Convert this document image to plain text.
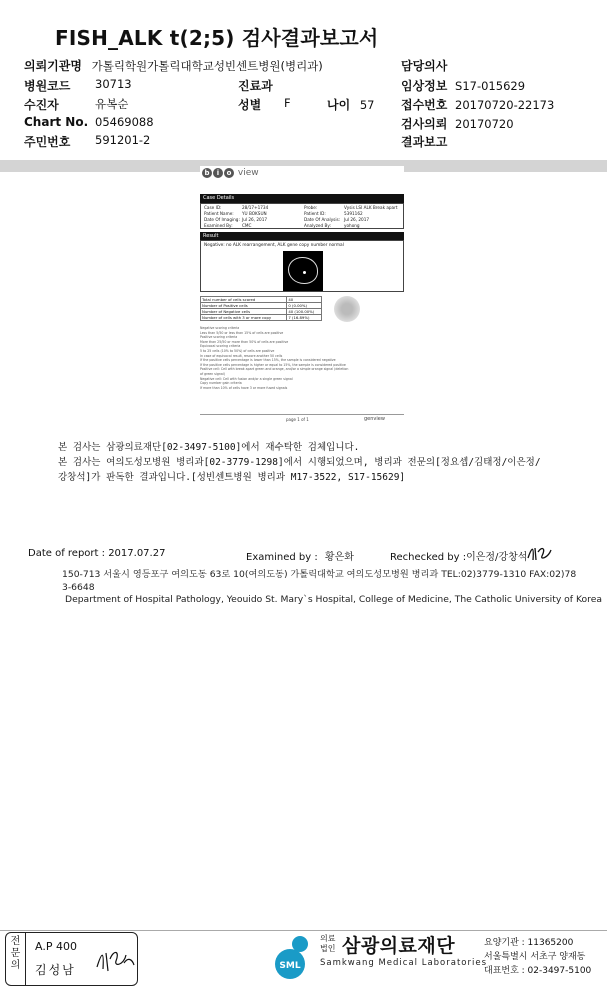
FISH_ALK t(2;5) 검사결과보고서
의뢰기관명 가톨릭학원가톨릭대학교성빈센트병원(병리과)	담당의사
병원코드 30713	진료과	임상정보 S17-015629
수진자	유복순	성별 F	나이 57 접수번호 20170720-22173
Chart No. 05469088	검사의뢰 20170720
주민번호 591201-2	결과보고
b i o view
Case Details
Case ID:	28/17+1734	Probe:	Vysis LSI ALK Break apart
Patient Name: YU BOKSUN	Patient ID:	5391162
Date Of Imaging: Jul 26, 2017	Date Of Analysis: Jul 26, 2017
Examined By: CMC	Analyzed By:	yohong
Result
Negative: no ALK rearrangement, ALK gene copy number normal
Total number of cells scored	40
Number of Positive cells	0 (0.00%)
Number of Negative cells	40 (100.00%)
Number of cells with 3 or more copy	7 (16.89%)
Negative scoring criteria
Less than 5/50 or less than 15% of cells are positive
Positive scoring criteria
More than 25/50 or more than 50% of cells are positive
Equivocal scoring criteria
5 to 25 cells (10% to 50%) of cells are positive
In case of equivocal result, rescore another 50 cells
If the positive cells percentage is lower than 15%, the sample is considered negative
If the positive cells percentage is higher or equal to 15%, the sample is considered positive
Positive cell: Cell with break apart green and orange, and/or a simple orange signal (deletion of green signal)
Negative cell: Cell with fusion and/or a single green signal
Copy number gain criteria
If more than 10% of cells have 3 or more fused signals
page 1 of 1	genview
본 검사는 삼광의료재단[02-3497-5100]에서 재수탁한 검체입니다.
본 검사는 여의도성모병원 병리과[02-3779-1298]에서 시행되었으며, 병리과 전문의[정요셉/김태정/이은정/
강창석]가 판독한 결과입니다.[성빈센트병원 병리과 M17-3522, S17-15629]
Date of report : 2017.07.27	Examined by : 황은화	Rechecked by :이은정/강창석
150-713 서울시 영등포구 여의도동 63로 10(여의도동) 가톨릭대학교 여의도성모병원 병리과 TEL:02)3779-1310 FAX:02)78
3-6648
Department of Hospital Pathology, Yeouido St. Mary`s Hospital, College of Medicine, The Catholic University of Korea
전문의
A.P 400
김성남	SML
의료
법인 삼광의료재단
Samkwang Medical Laboratories
요양기관 : 11365200
서울특별시 서초구 양재동
대표번호 : 02-3497-5100
